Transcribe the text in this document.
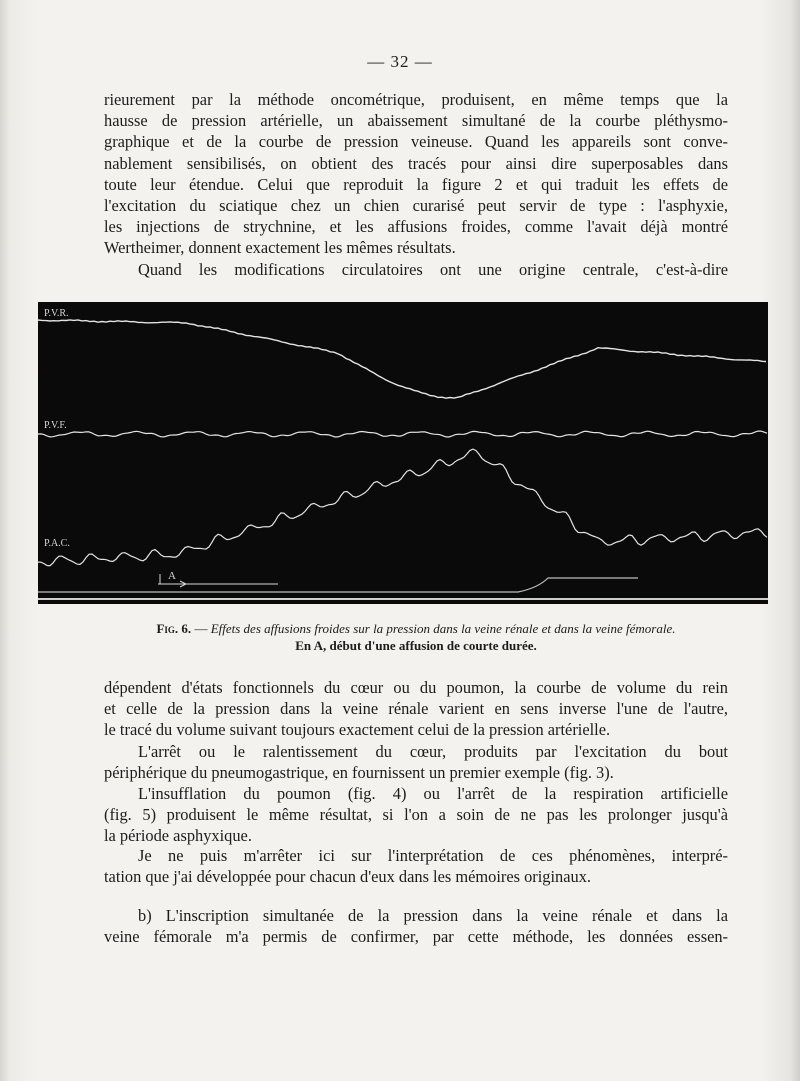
— 32 —
rieurement par la méthode oncométrique, produisent, en même temps que la
hausse de pression artérielle, un abaissement simultané de la courbe pléthysmo-
graphique et de la courbe de pression veineuse. Quand les appareils sont conve-
nablement sensibilisés, on obtient des tracés pour ainsi dire superposables dans
toute leur étendue. Celui que reproduit la figure 2 et qui traduit les effets de
l'excitation du sciatique chez un chien curarisé peut servir de type : l'asphyxie,
les injections de strychnine, et les affusions froides, comme l'avait déjà montré
Wertheimer, donnent exactement les mêmes résultats.
Quand les modifications circulatoires ont une origine centrale, c'est-à-dire
P.V.R.
P.V.F.
P.A.C.
A
Fig. 6. — Effets des affusions froides sur la pression dans la veine rénale et dans la veine fémorale.
En A, début d'une affusion de courte durée.
dépendent d'états fonctionnels du cœur ou du poumon, la courbe de volume du rein
et celle de la pression dans la veine rénale varient en sens inverse l'une de l'autre,
le tracé du volume suivant toujours exactement celui de la pression artérielle.
L'arrêt ou le ralentissement du cœur, produits par l'excitation du bout
périphérique du pneumogastrique, en fournissent un premier exemple (fig. 3).
L'insufflation du poumon (fig. 4) ou l'arrêt de la respiration artificielle
(fig. 5) produisent le même résultat, si l'on a soin de ne pas les prolonger jusqu'à
la période asphyxique.
Je ne puis m'arrêter ici sur l'interprétation de ces phénomènes, interpré-
tation que j'ai développée pour chacun d'eux dans les mémoires originaux.
b) L'inscription simultanée de la pression dans la veine rénale et dans la
veine fémorale m'a permis de confirmer, par cette méthode, les données essen-
